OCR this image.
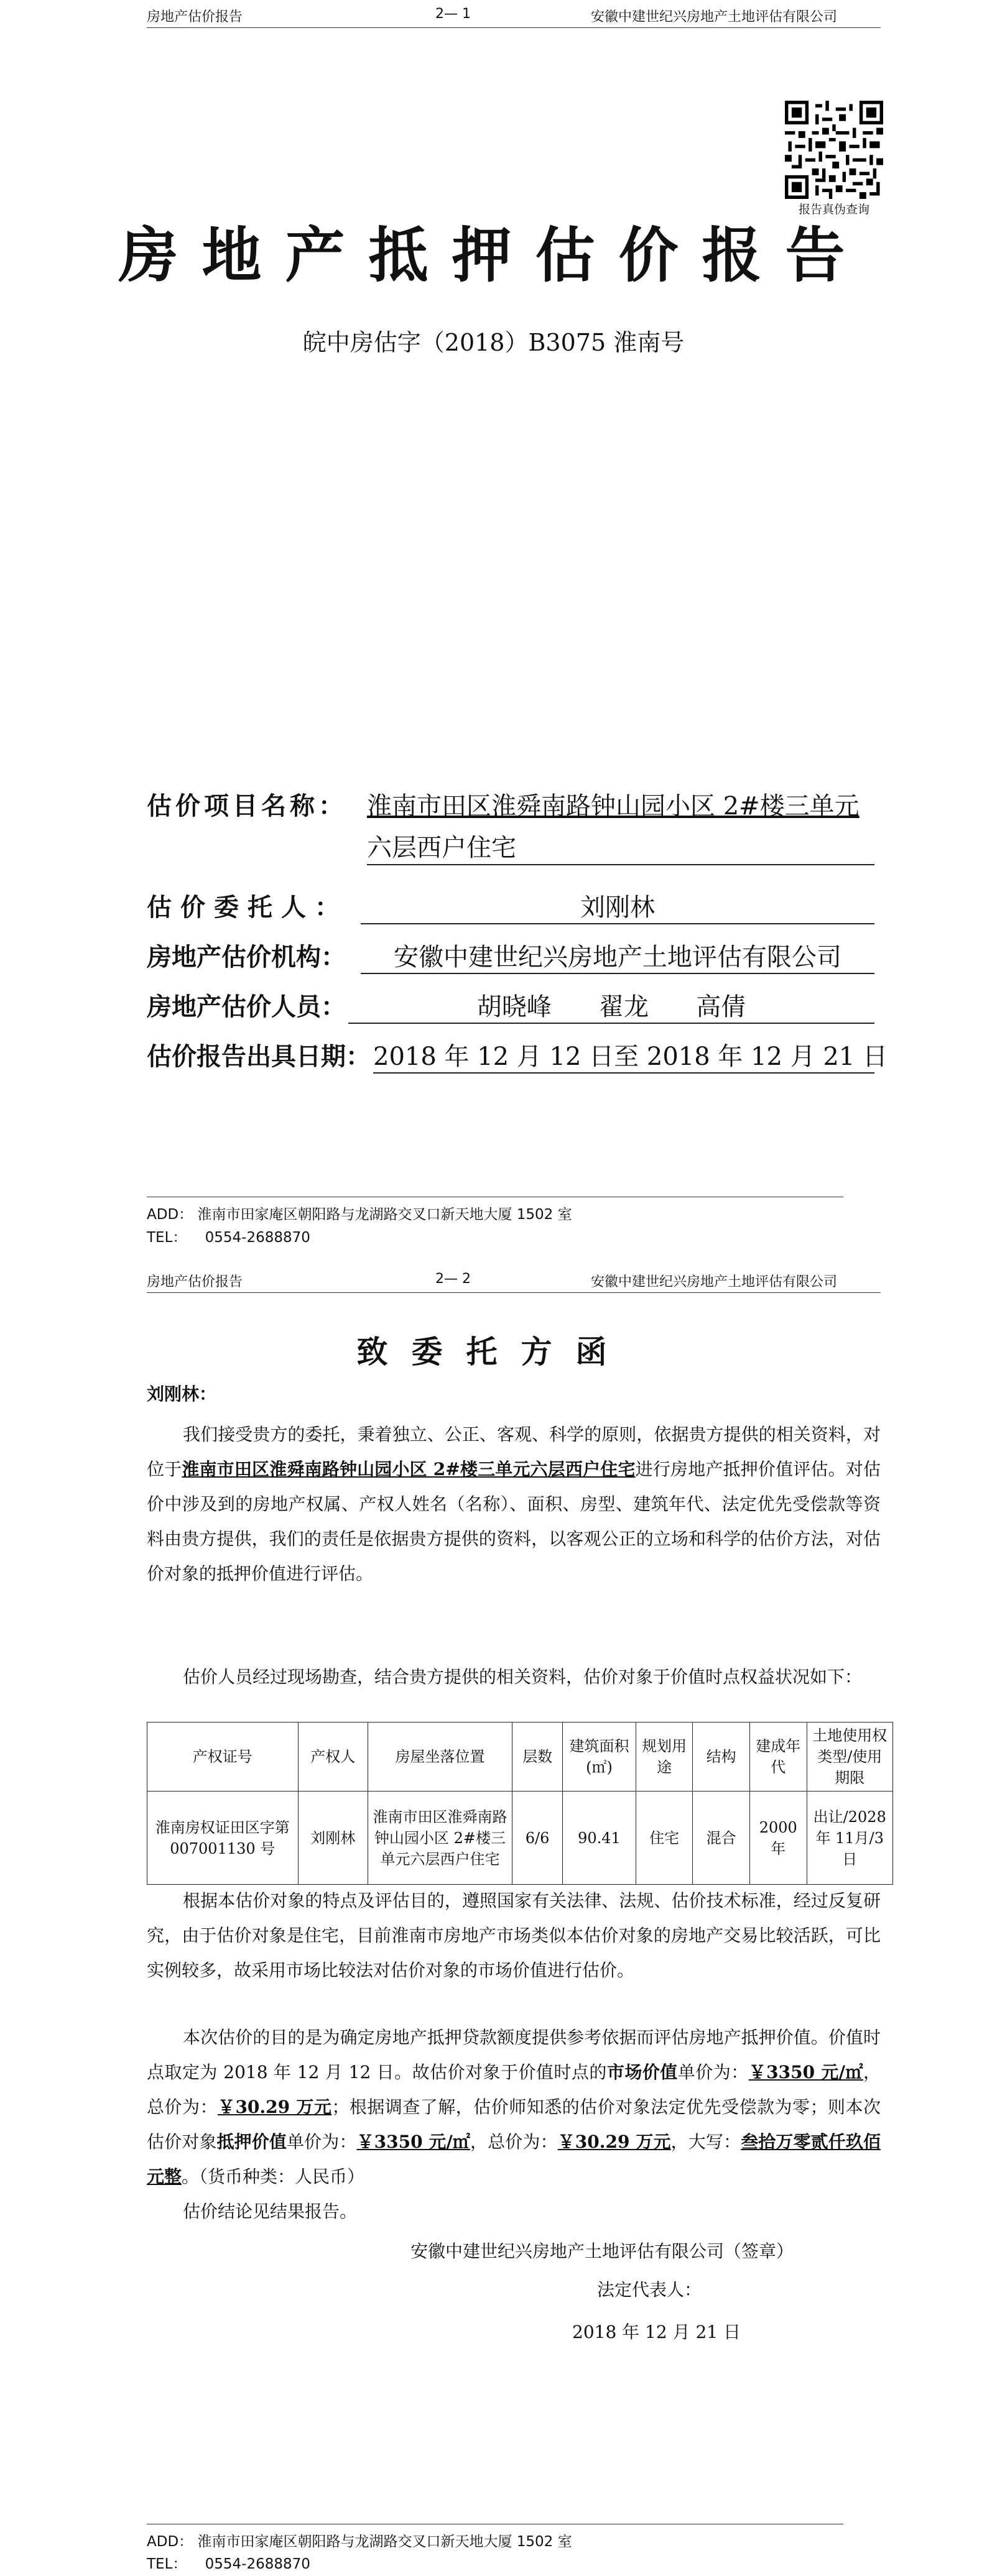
房地产估价报告	2— 1	安徽中建世纪兴房地产土地评估有限公司
报告真伪查询
房地产抵押估价报告
皖中房估字（2018）B3075 淮南号
估价项目名称： 淮南市田区淮舜南路钟山园小区 2#楼三单元
六层西户住宅
估价委托人：	刘刚林
房地产估价机构：	安徽中建世纪兴房地产土地评估有限公司
房地产估价人员：	胡晓峰      翟龙      高倩
估价报告出具日期： 2018 年 12 月 12 日至 2018 年 12 月 21 日
ADD： 淮南市田家庵区朝阳路与龙湖路交叉口新天地大厦 1502 室
TEL：    0554-2688870
房地产估价报告	2— 2	安徽中建世纪兴房地产土地评估有限公司
致委托方函
刘刚林：
我们接受贵方的委托，秉着独立、公正、客观、科学的原则，依据贵方提供的相关资料，对位于淮南市田区淮舜南路钟山园小区 2#楼三单元六层西户住宅进行房地产抵押价值评估。对估价中涉及到的房地产权属、产权人姓名（名称）、面积、房型、建筑年代、法定优先受偿款等资料由贵方提供，我们的责任是依据贵方提供的资料，以客观公正的立场和科学的估价方法，对估价对象的抵押价值进行评估。
估价人员经过现场勘查，结合贵方提供的相关资料，估价对象于价值时点权益状况如下：
产权证号	产权人	房屋坐落位置	层数	建筑面积(㎡)	规划用途	结构	建成年代	土地使用权类型/使用期限
淮南房权证田区字第 007001130 号	刘刚林	淮南市田区淮舜南路钟山园小区 2#楼三单元六层西户住宅	6/6	90.41	住宅	混合	2000 年	出让/2028 年 11月/3 日
根据本估价对象的特点及评估目的，遵照国家有关法律、法规、估价技术标准，经过反复研究，由于估价对象是住宅，目前淮南市房地产市场类似本估价对象的房地产交易比较活跃，可比实例较多，故采用市场比较法对估价对象的市场价值进行估价。
本次估价的目的是为确定房地产抵押贷款额度提供参考依据而评估房地产抵押价值。价值时点取定为 2018 年 12 月 12 日。故估价对象于价值时点的市场价值单价为：￥3350 元/㎡，总价为：￥30.29 万元；根据调查了解，估价师知悉的估价对象法定优先受偿款为零；则本次估价对象抵押价值单价为：￥3350 元/㎡，总价为：￥30.29 万元，大写：叁拾万零贰仟玖佰元整。（货币种类：人民币）
估价结论见结果报告。
安徽中建世纪兴房地产土地评估有限公司（签章）
法定代表人：
2018 年 12 月 21 日
ADD： 淮南市田家庵区朝阳路与龙湖路交叉口新天地大厦 1502 室
TEL：    0554-2688870
